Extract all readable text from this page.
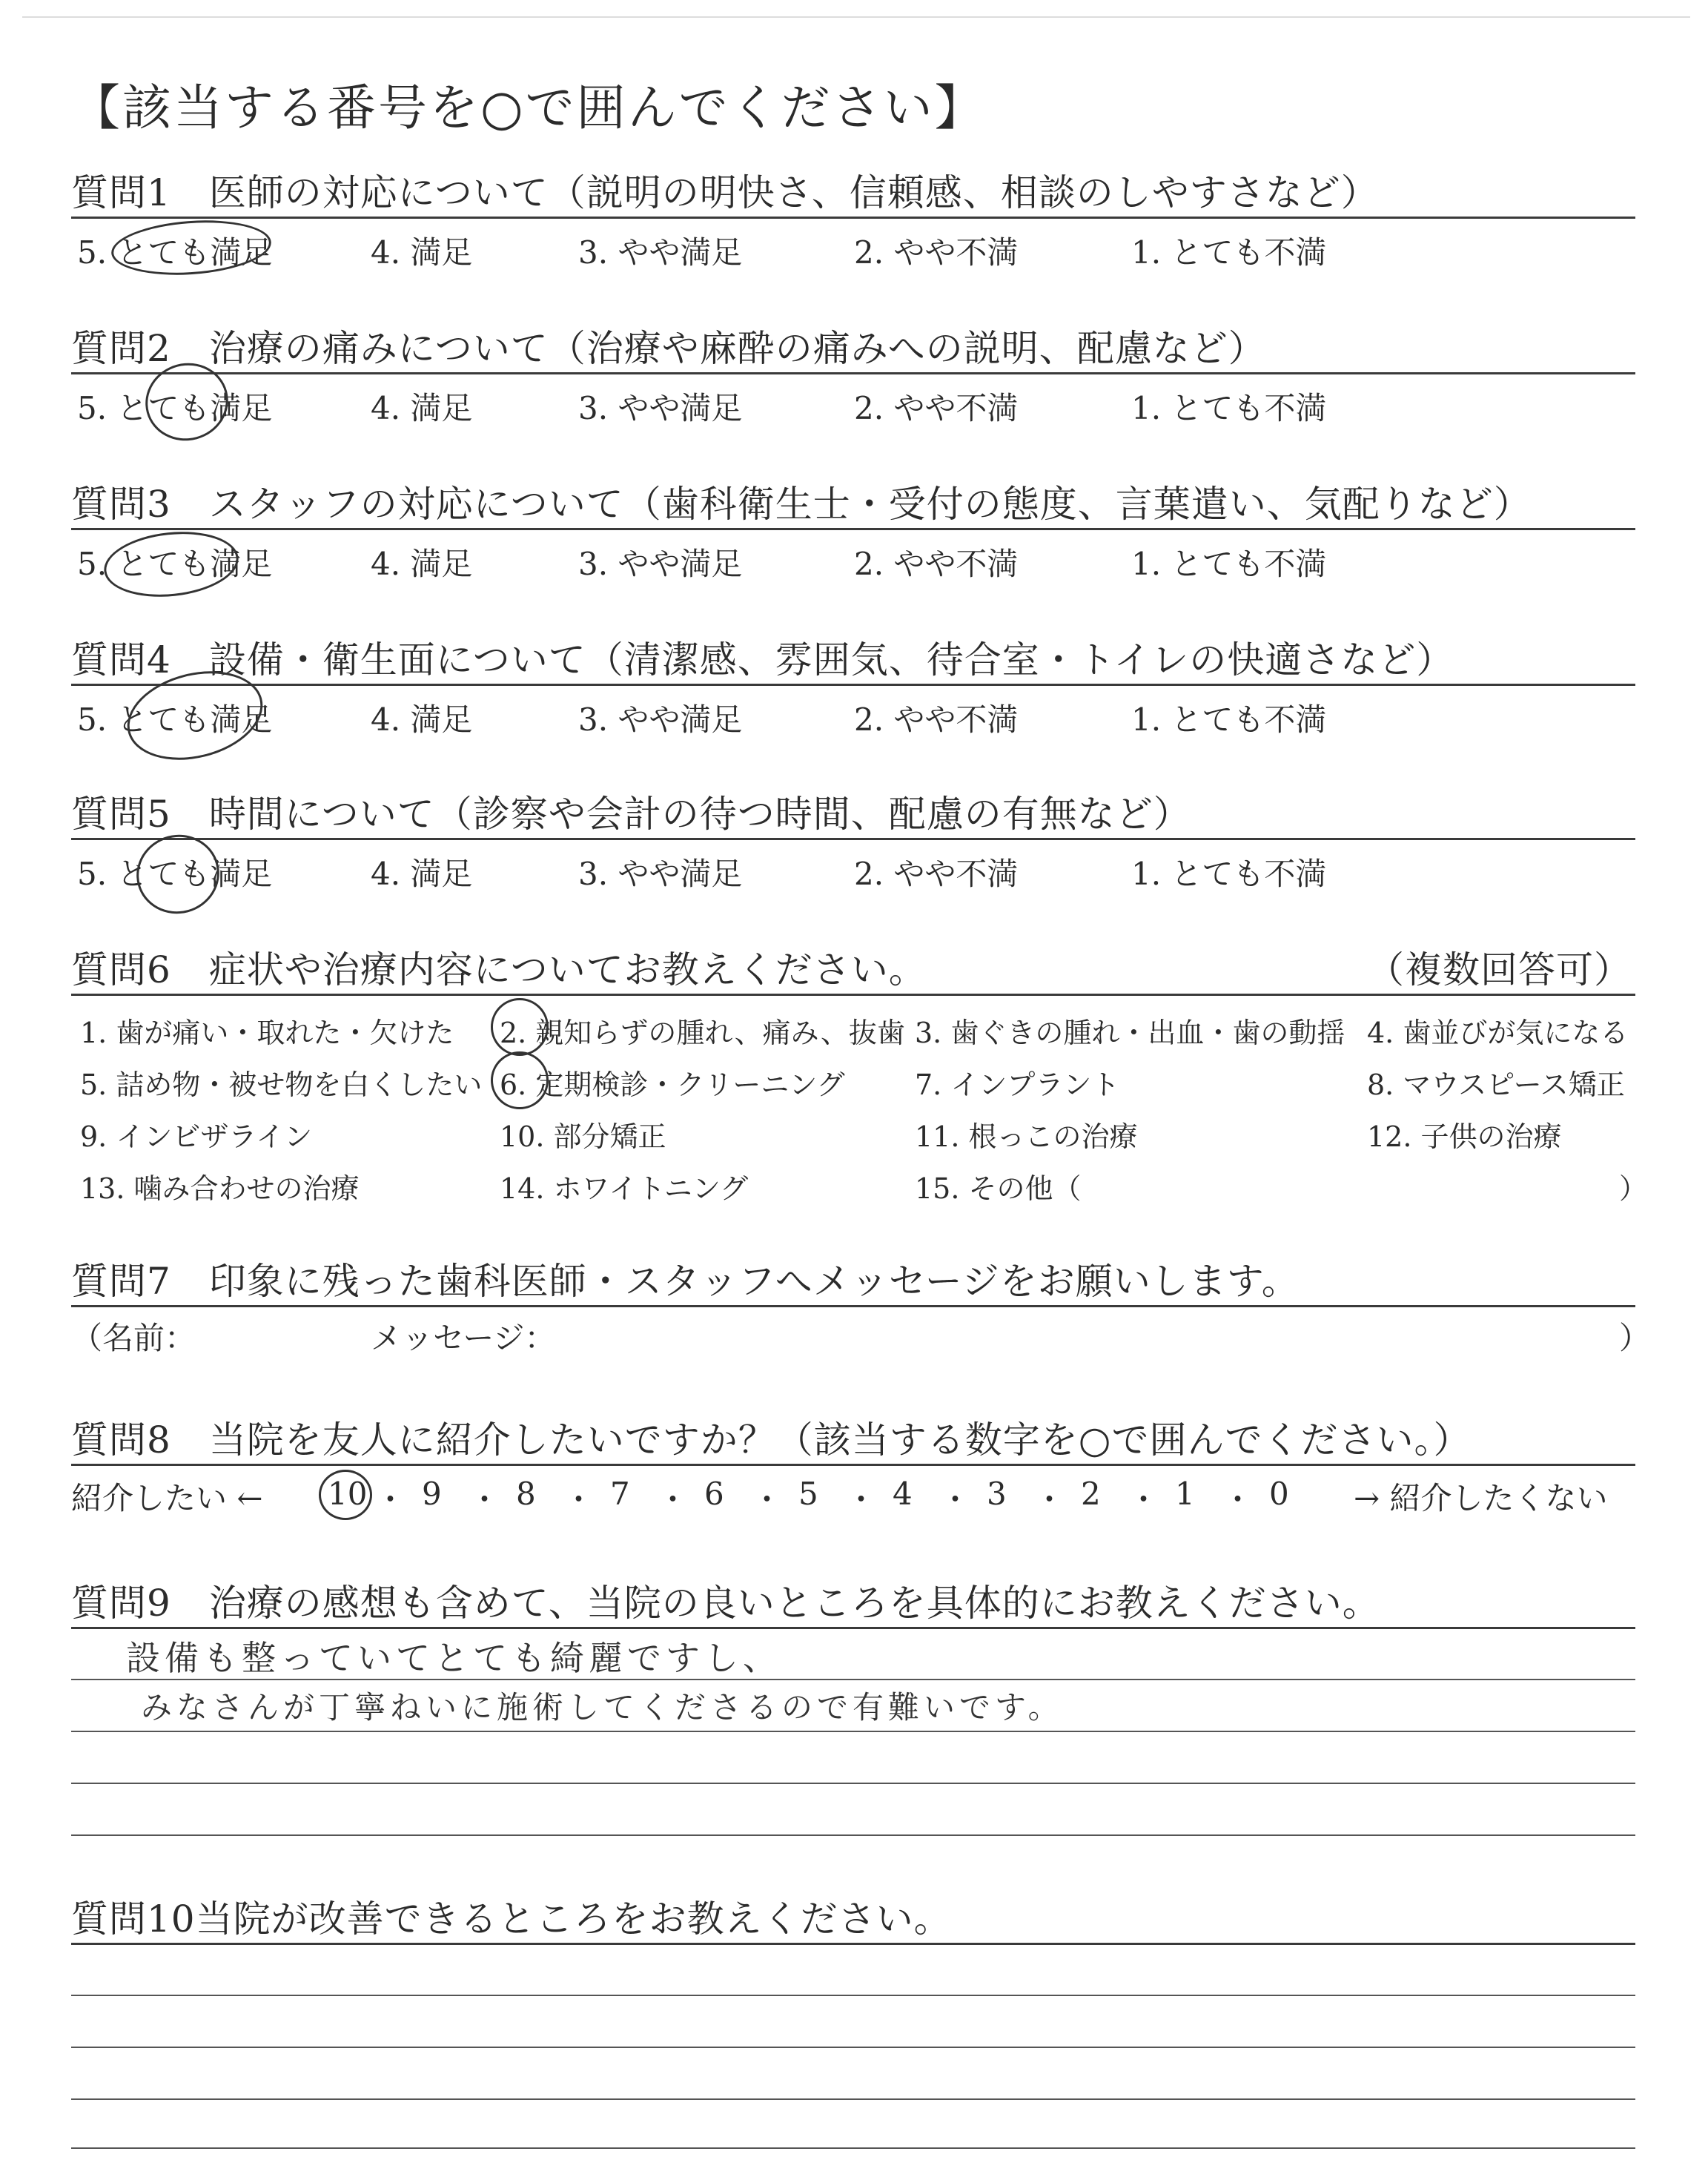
【該当する番号を○で囲んでください】
質問1　 医師の対応について（説明の明快さ、信頼感、相談のしやすさなど）
5. とても満足	4. 満足	3. やや満足	2. やや不満	1. とても不満
質問2　 治療の痛みについて（治療や麻酔の痛みへの説明、配慮など）
5. とても満足	4. 満足	3. やや満足	2. やや不満	1. とても不満
質問3　 スタッフの対応について（歯科衛生士・受付の態度、言葉遣い、気配りなど）
5. とても満足	4. 満足	3. やや満足	2. やや不満	1. とても不満
質問4　 設備・衛生面について（清潔感、雰囲気、待合室・トイレの快適さなど）
5. とても満足	4. 満足	3. やや満足	2. やや不満	1. とても不満
質問5　 時間について（診察や会計の待つ時間、配慮の有無など）
5. とても満足	4. 満足	3. やや満足	2. やや不満	1. とても不満
質問6　 症状や治療内容についてお教えください。	（複数回答可）
1. 歯が痛い・取れた・欠けた 2. 親知らずの腫れ、痛み、抜歯 3. 歯ぐきの腫れ・出血・歯の動揺 4. 歯並びが気になる
5. 詰め物・被せ物を白くしたい 6. 定期検診・クリーニング 7. インプラント	8. マウスピース矯正
9. インビザライン	10. 部分矯正	11. 根っこの治療	12. 子供の治療
13. 噛み合わせの治療	14. ホワイトニング	15. その他（	）
質問7　 印象に残った歯科医師・スタッフへメッセージをお願いします。
（名前：	メッセージ：	）
質問8　 当院を友人に紹介したいですか？（該当する数字を○で囲んでください。）
紹介したい ←	→ 紹介したくない
10 ・ 9 ・ 8 ・ 7 ・ 6 ・ 5 ・ 4 ・ 3 ・ 2 ・ 1 ・ 0
質問9　 治療の感想も含めて、当院の良いところを具体的にお教えください。
設備も整っていてとても綺麗ですし、
みなさんが丁寧ねいに施術してくださるので有難いです。
質問10当院が改善できるところをお教えください。
